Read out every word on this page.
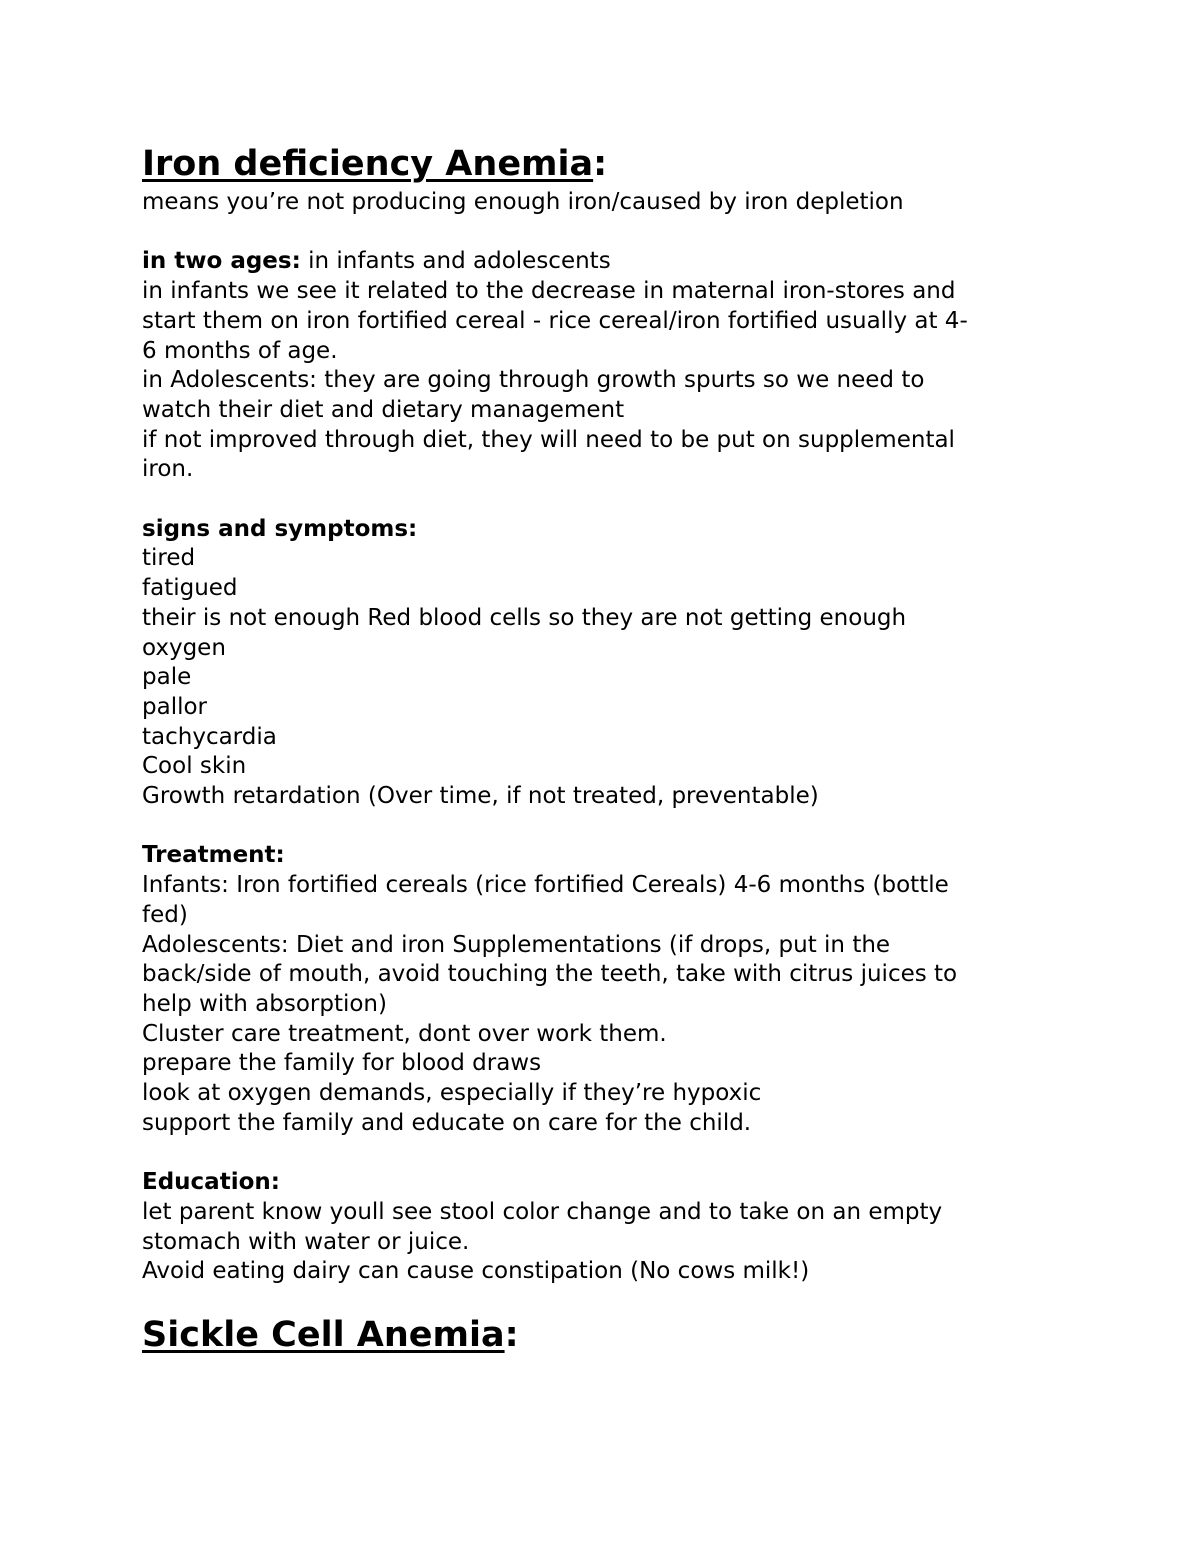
Iron deficiency Anemia:

means you’re not producing enough iron/caused by iron depletion

in two ages: in infants and adolescents

in infants we see it related to the decrease in maternal iron-stores and

start them on iron fortified cereal - rice cereal/iron fortified usually at 4-

6 months of age.

in Adolescents: they are going through growth spurts so we need to

watch their diet and dietary management

if not improved through diet, they will need to be put on supplemental

iron.

signs and symptoms:

tired

fatigued

their is not enough Red blood cells so they are not getting enough

oxygen

pale

pallor

tachycardia

Cool skin

Growth retardation (Over time, if not treated, preventable)

Treatment:

Infants: Iron fortified cereals (rice fortified Cereals) 4-6 months (bottle

fed)

Adolescents: Diet and iron Supplementations (if drops, put in the

back/side of mouth, avoid touching the teeth, take with citrus juices to

help with absorption)

Cluster care treatment, dont over work them.

prepare the family for blood draws

look at oxygen demands, especially if they’re hypoxic

support the family and educate on care for the child.

Education:

let parent know youll see stool color change and to take on an empty

stomach with water or juice.

Avoid eating dairy can cause constipation (No cows milk!)

Sickle Cell Anemia:
